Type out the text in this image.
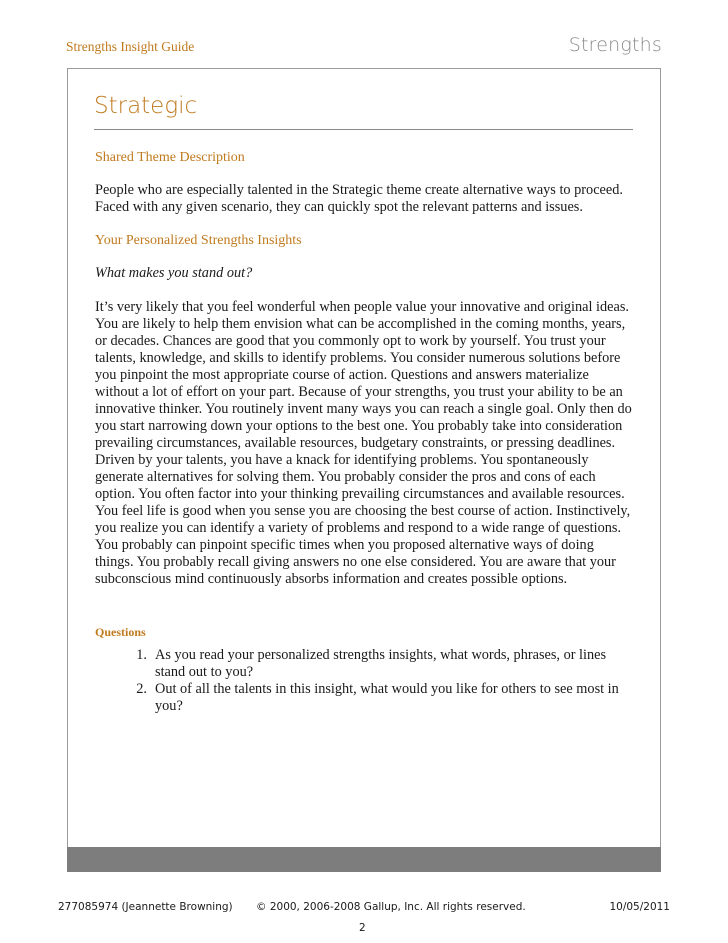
Strengths Insight Guide	Strengths
Strategic
Shared Theme Description

People who are especially talented in the Strategic theme create alternative ways to proceed. Faced with any given scenario, they can quickly spot the relevant patterns and issues.

Your Personalized Strengths Insights
What makes you stand out?

It’s very likely that you feel wonderful when people value your innovative and original ideas. You are likely to help them envision what can be accomplished in the coming months, years, or decades. Chances are good that you commonly opt to work by yourself. You trust your talents, knowledge, and skills to identify problems. You consider numerous solutions before you pinpoint the most appropriate course of action. Questions and answers materialize without a lot of effort on your part. Because of your strengths, you trust your ability to be an innovative thinker. You routinely invent many ways you can reach a single goal. Only then do you start narrowing down your options to the best one. You probably take into consideration prevailing circumstances, available resources, budgetary constraints, or pressing deadlines. Driven by your talents, you have a knack for identifying problems. You spontaneously generate alternatives for solving them. You probably consider the pros and cons of each option. You often factor into your thinking prevailing circumstances and available resources. You feel life is good when you sense you are choosing the best course of action. Instinctively, you realize you can identify a variety of problems and respond to a wide range of questions. You probably can pinpoint specific times when you proposed alternative ways of doing things. You probably recall giving answers no one else considered. You are aware that your subconscious mind continuously absorbs information and creates possible options.

Questions
1. As you read your personalized strengths insights, what words, phrases, or lines stand out to you?
2. Out of all the talents in this insight, what would you like for others to see most in you?
277085974 (Jeannette Browning) © 2000, 2006-2008 Gallup, Inc. All rights reserved.	10/05/2011
2
